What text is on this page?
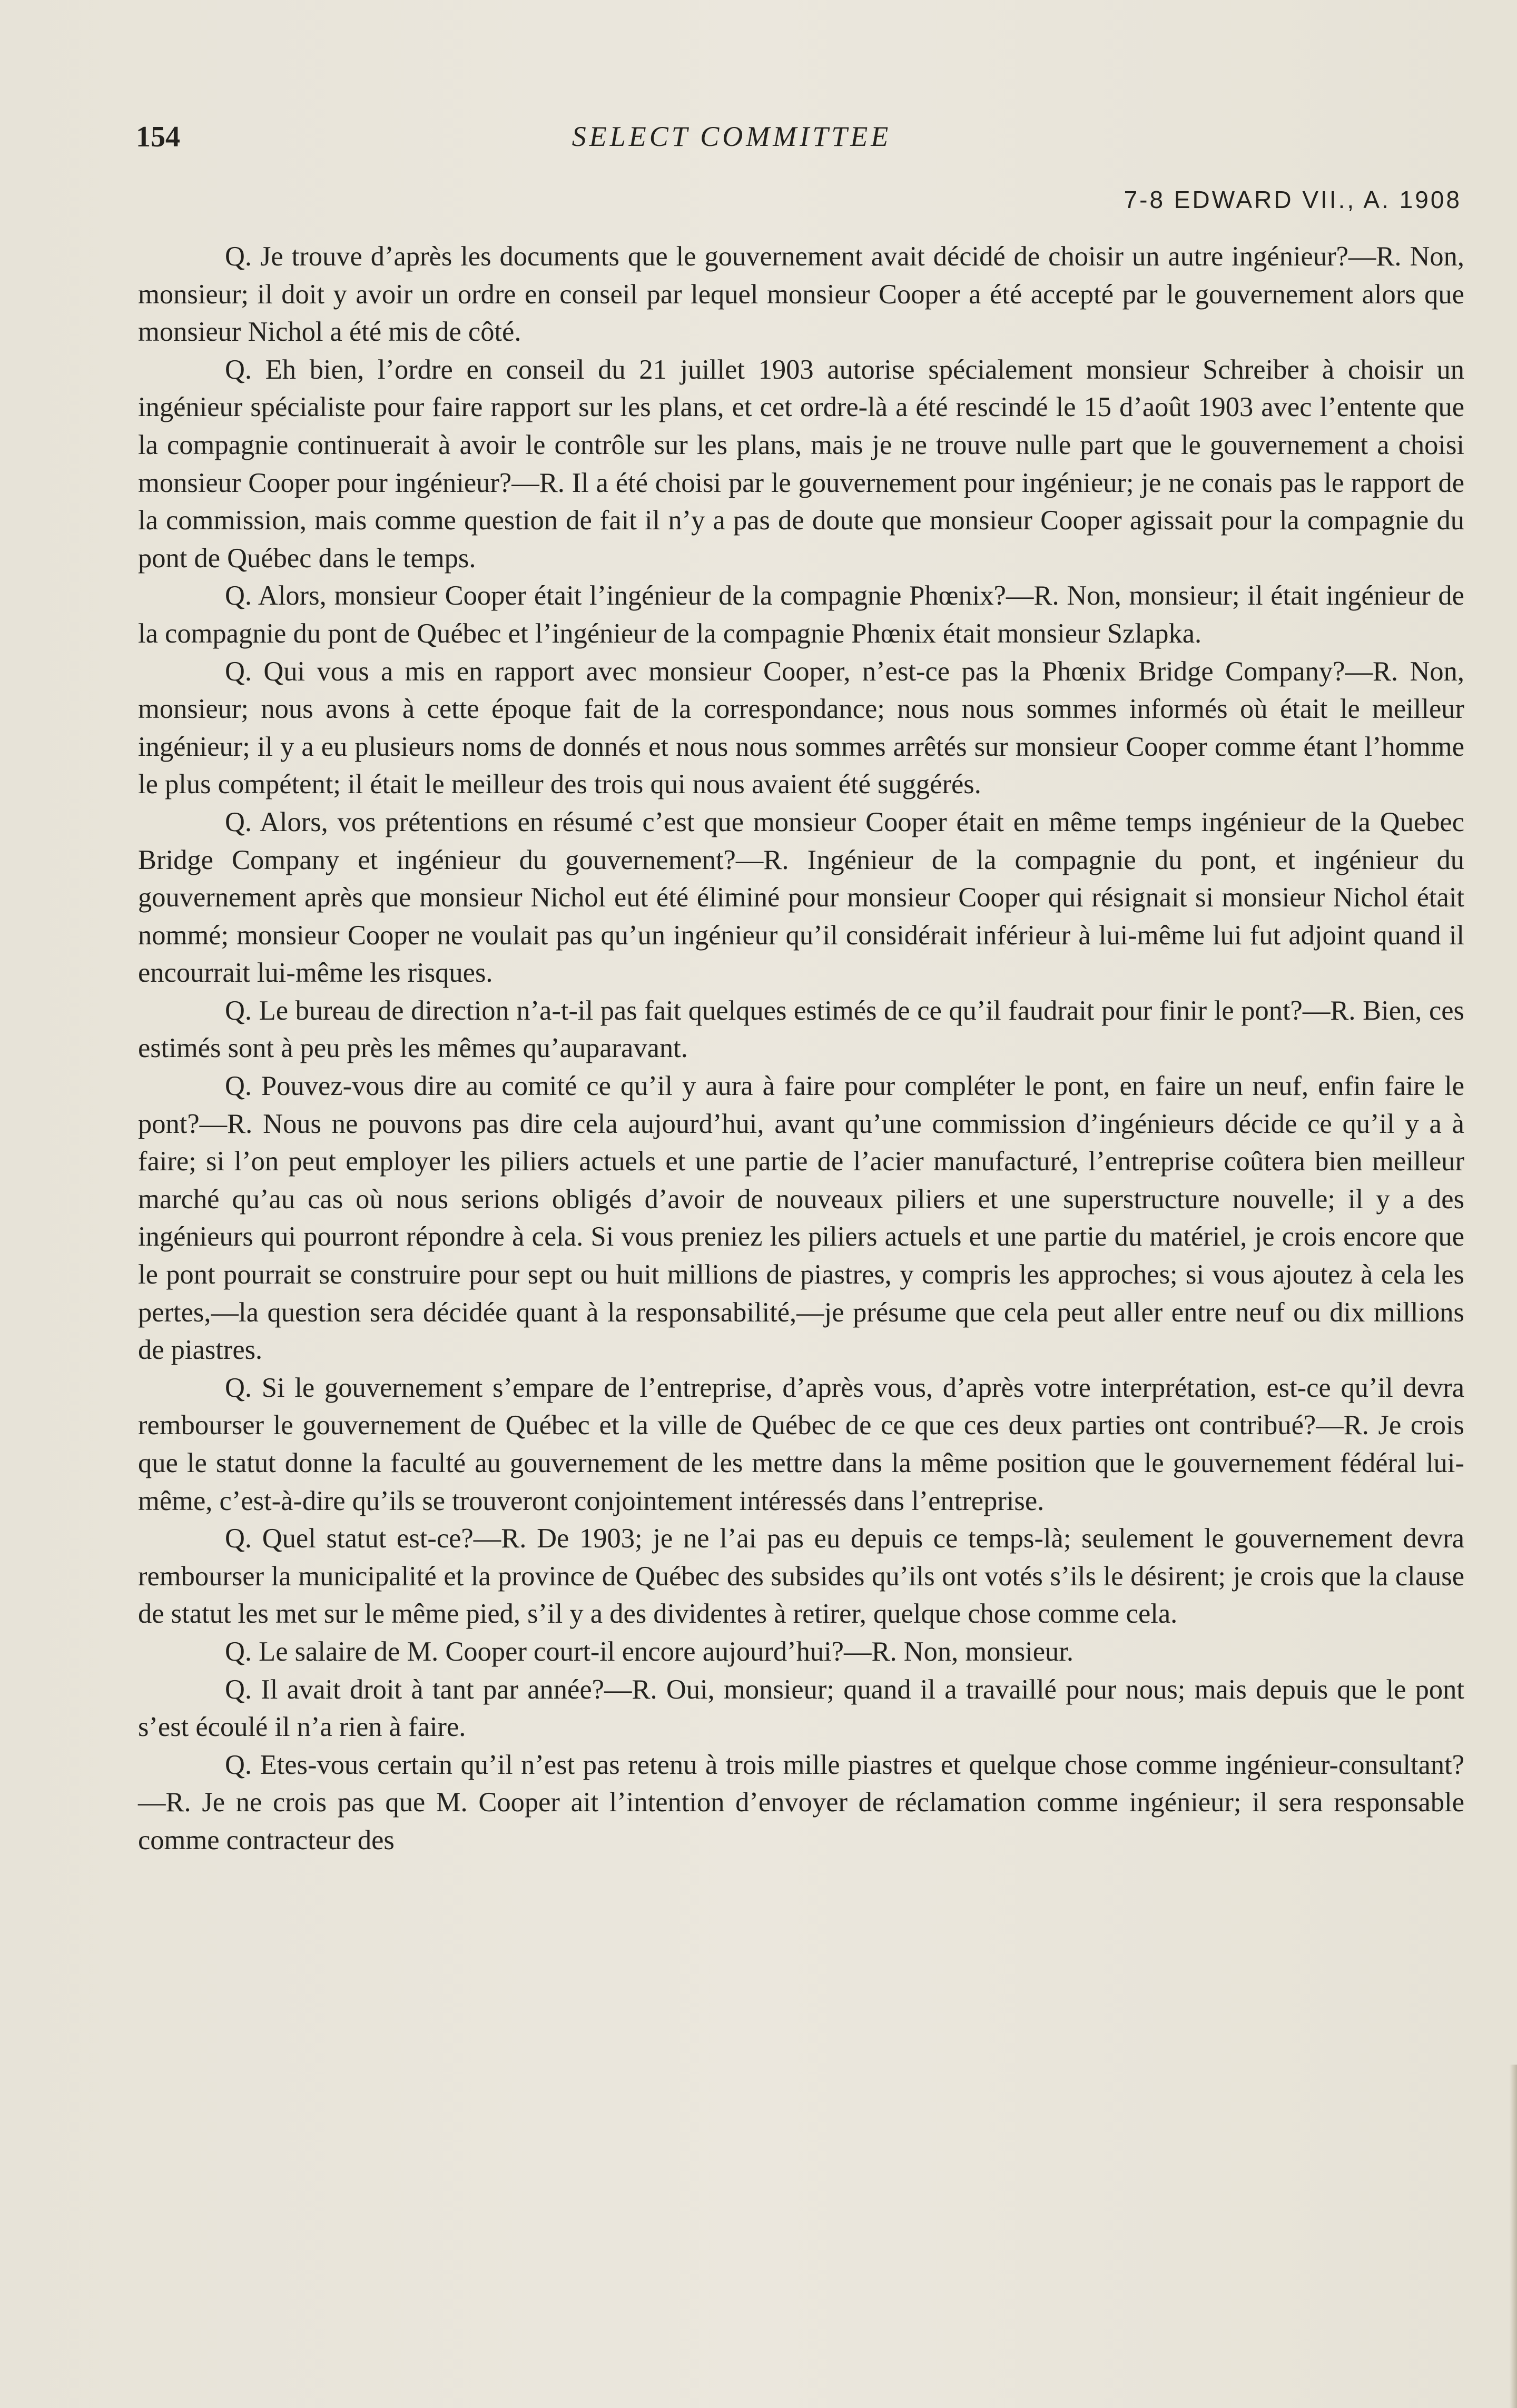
154	SELECT COMMITTEE
7-8 EDWARD VII., A. 1908

Q. Je trouve d’après les documents que le gouvernement avait décidé de choisir un autre ingénieur?—R. Non, monsieur; il doit y avoir un ordre en conseil par lequel monsieur Cooper a été accepté par le gouvernement alors que monsieur Nichol a été mis de côté.

Q. Eh bien, l’ordre en conseil du 21 juillet 1903 autorise spécialement monsieur Schreiber à choisir un ingénieur spécialiste pour faire rapport sur les plans, et cet ordre-là a été rescindé le 15 d’août 1903 avec l’entente que la compagnie continuerait à avoir le contrôle sur les plans, mais je ne trouve nulle part que le gouvernement a choisi monsieur Cooper pour ingénieur?—R. Il a été choisi par le gouvernement pour ingénieur; je ne conais pas le rapport de la commission, mais comme question de fait il n’y a pas de doute que monsieur Cooper agissait pour la compagnie du pont de Québec dans le temps.

Q. Alors, monsieur Cooper était l’ingénieur de la compagnie Phœnix?—R. Non, monsieur; il était ingénieur de la compagnie du pont de Québec et l’ingénieur de la compagnie Phœnix était monsieur Szlapka.

Q. Qui vous a mis en rapport avec monsieur Cooper, n’est-ce pas la Phœnix Bridge Company?—R. Non, monsieur; nous avons à cette époque fait de la correspondance; nous nous sommes informés où était le meilleur ingénieur; il y a eu plusieurs noms de donnés et nous nous sommes arrêtés sur monsieur Cooper comme étant l’homme le plus compétent; il était le meilleur des trois qui nous avaient été suggérés.

Q. Alors, vos prétentions en résumé c’est que monsieur Cooper était en même temps ingénieur de la Quebec Bridge Company et ingénieur du gouvernement?—R. Ingénieur de la compagnie du pont, et ingénieur du gouvernement après que monsieur Nichol eut été éliminé pour monsieur Cooper qui résignait si monsieur Nichol était nommé; monsieur Cooper ne voulait pas qu’un ingénieur qu’il considérait inférieur à lui-même lui fut adjoint quand il encourrait lui-même les risques.

Q. Le bureau de direction n’a-t-il pas fait quelques estimés de ce qu’il faudrait pour finir le pont?—R. Bien, ces estimés sont à peu près les mêmes qu’auparavant.

Q. Pouvez-vous dire au comité ce qu’il y aura à faire pour compléter le pont, en faire un neuf, enfin faire le pont?—R. Nous ne pouvons pas dire cela aujourd’hui, avant qu’une commission d’ingénieurs décide ce qu’il y a à faire; si l’on peut employer les piliers actuels et une partie de l’acier manufacturé, l’entreprise coûtera bien meilleur marché qu’au cas où nous serions obligés d’avoir de nouveaux piliers et une superstructure nouvelle; il y a des ingénieurs qui pourront répondre à cela. Si vous preniez les piliers actuels et une partie du matériel, je crois encore que le pont pourrait se construire pour sept ou huit millions de piastres, y compris les approches; si vous ajoutez à cela les pertes,—la question sera décidée quant à la responsabilité,—je présume que cela peut aller entre neuf ou dix millions de piastres.

Q. Si le gouvernement s’empare de l’entreprise, d’après vous, d’après votre interprétation, est-ce qu’il devra rembourser le gouvernement de Québec et la ville de Québec de ce que ces deux parties ont contribué?—R. Je crois que le statut donne la faculté au gouvernement de les mettre dans la même position que le gouvernement fédéral lui-même, c’est-à-dire qu’ils se trouveront conjointement intéressés dans l’entreprise.

Q. Quel statut est-ce?—R. De 1903; je ne l’ai pas eu depuis ce temps-là; seulement le gouvernement devra rembourser la municipalité et la province de Québec des subsides qu’ils ont votés s’ils le désirent; je crois que la clause de statut les met sur le même pied, s’il y a des dividentes à retirer, quelque chose comme cela.

Q. Le salaire de M. Cooper court-il encore aujourd’hui?—R. Non, monsieur.

Q. Il avait droit à tant par année?—R. Oui, monsieur; quand il a travaillé pour nous; mais depuis que le pont s’est écoulé il n’a rien à faire.

Q. Etes-vous certain qu’il n’est pas retenu à trois mille piastres et quelque chose comme ingénieur-consultant?—R. Je ne crois pas que M. Cooper ait l’intention d’envoyer de réclamation comme ingénieur; il sera responsable comme contracteur des
